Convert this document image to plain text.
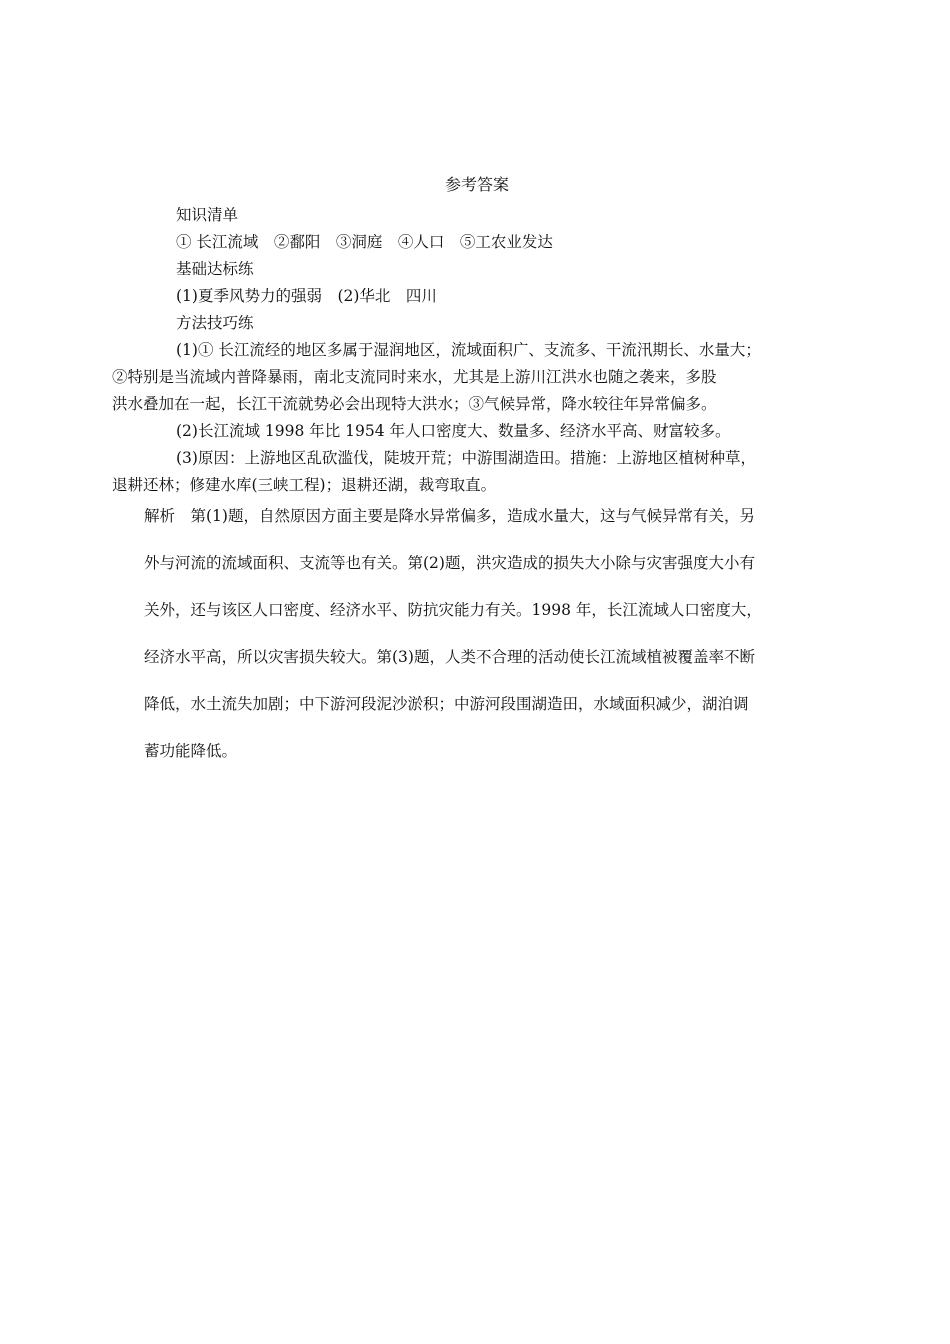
参考答案
知识清单
① 长江流域　②鄱阳　③洞庭　④人口　⑤工农业发达
基础达标练
(1)夏季风势力的强弱　(2)华北　四川
方法技巧练
(1)① 长江流经的地区多属于湿润地区，流域面积广、支流多、干流汛期长、水量大；
②特别是当流域内普降暴雨，南北支流同时来水，尤其是上游川江洪水也随之袭来，多股
洪水叠加在一起，长江干流就势必会出现特大洪水；③气候异常，降水较往年异常偏多。
(2)长江流域 1998 年比 1954 年人口密度大、数量多、经济水平高、财富较多。
(3)原因：上游地区乱砍滥伐，陡坡开荒；中游围湖造田。措施：上游地区植树种草，
退耕还林；修建水库(三峡工程)；退耕还湖，裁弯取直。
解析　第(1)题，自然原因方面主要是降水异常偏多，造成水量大，这与气候异常有关，另
外与河流的流域面积、支流等也有关。第(2)题，洪灾造成的损失大小除与灾害强度大小有
关外，还与该区人口密度、经济水平、防抗灾能力有关。1998 年，长江流域人口密度大，
经济水平高，所以灾害损失较大。第(3)题，人类不合理的活动使长江流域植被覆盖率不断
降低，水土流失加剧；中下游河段泥沙淤积；中游河段围湖造田，水域面积减少，湖泊调
蓄功能降低。
